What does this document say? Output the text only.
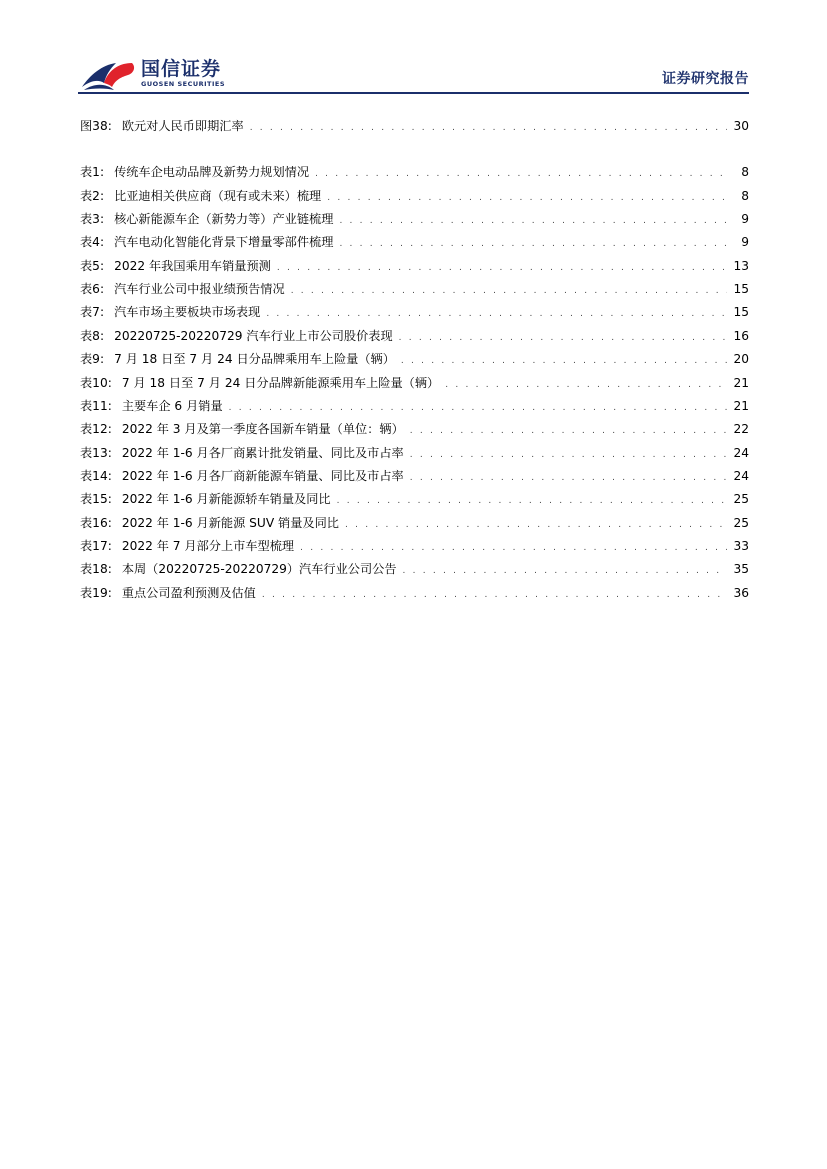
国信证券
GUOSEN SECURITIES	证券研究报告
图38: 欧元对人民币即期汇率 . . .	30
表1: 传统车企电动品牌及新势力规划情况 . . .	8
表2: 比亚迪相关供应商（现有或未来）梳理 . . .	8
表3: 核心新能源车企（新势力等）产业链梳理 . . .	9
表4: 汽车电动化智能化背景下增量零部件梳理 . . .	9
表5: 2022 年我国乘用车销量预测 . . .	13
表6: 汽车行业公司中报业绩预告情况 . . .	15
表7: 汽车市场主要板块市场表现 . . .	15
表8: 20220725-20220729 汽车行业上市公司股价表现 . . .	16
表9: 7 月 18 日至 7 月 24 日分品牌乘用车上险量（辆） . . .	20
表10: 7 月 18 日至 7 月 24 日分品牌新能源乘用车上险量（辆） . . .	21
表11: 主要车企 6 月销量 . . .	21
表12: 2022 年 3 月及第一季度各国新车销量（单位：辆） . . .	22
表13: 2022 年 1-6 月各厂商累计批发销量、同比及市占率 . . .	24
表14: 2022 年 1-6 月各厂商新能源车销量、同比及市占率 . . .	24
表15: 2022 年 1-6 月新能源轿车销量及同比 . . .	25
表16: 2022 年 1-6 月新能源 SUV 销量及同比 . . .	25
表17: 2022 年 7 月部分上市车型梳理 . . .	33
表18: 本周（20220725-20220729）汽车行业公司公告 . . .	35
表19: 重点公司盈利预测及估值 . . .	36
